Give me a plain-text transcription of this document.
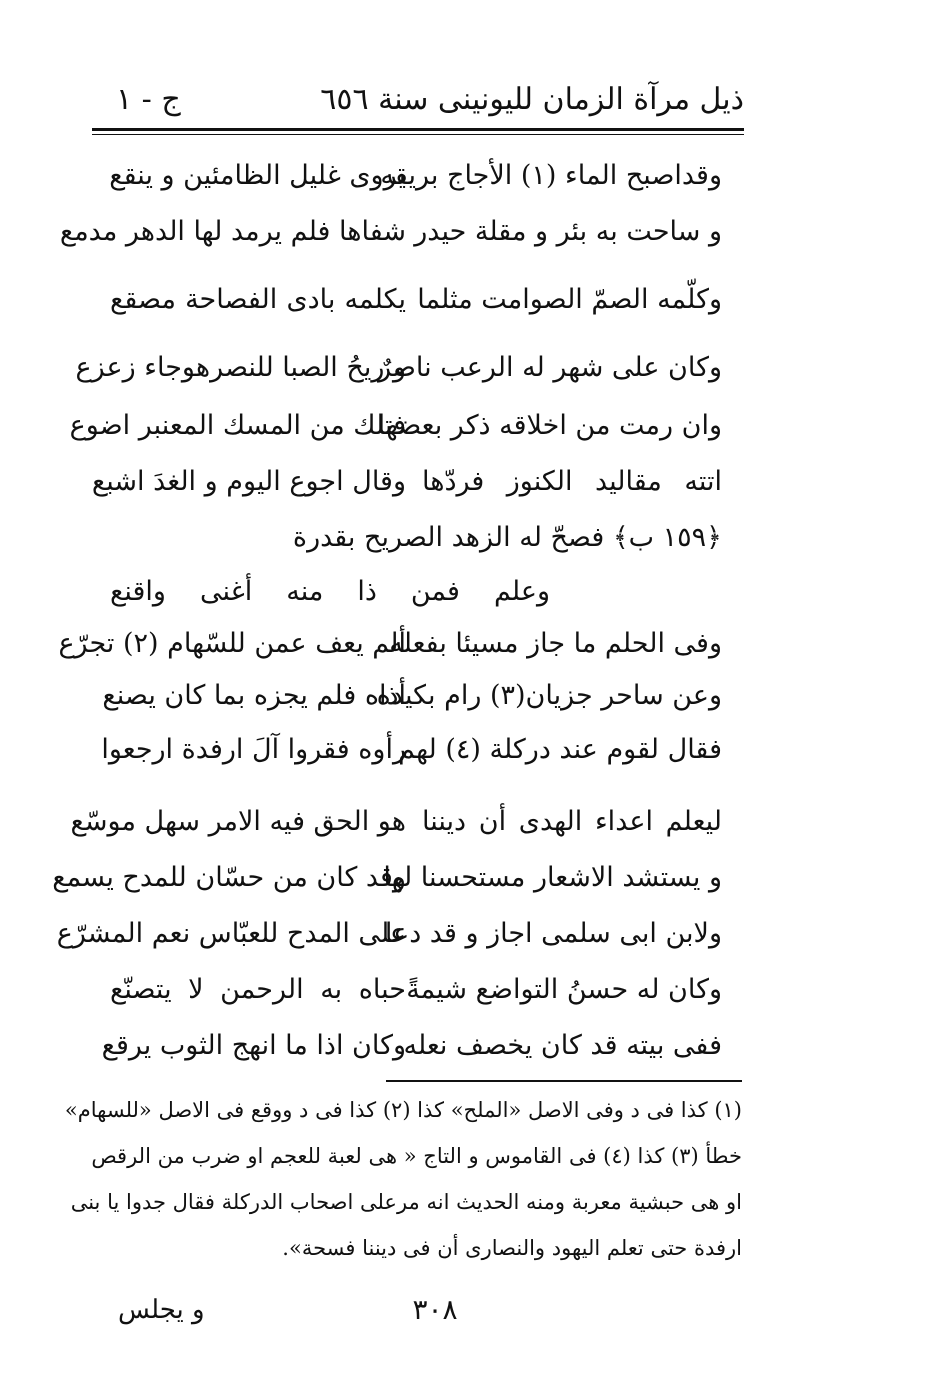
ذيل مرآة الزمان لليونينى سنة ٦٥٦
ج - ١
وقداصبح الماء (١) الأجاج بريقه
يروى غليل الظامئين و ينقع
و ساحت به بئر و مقلة حيدر
شفاها فلم يرمد لها الدهر مدمع
وكلّمه الصمّ الصوامت مثلما
يكلمه بادى الفصاحة مصقع
وكان على شهر له الرعب ناصرٌ
و ريحُ الصبا للنصرهوجاء زعزع
وان رمت من اخلاقه ذكر بعضها
فتلك من المسك المعنبر اضوع
اتته مقاليد الكنوز فردّها
وقال اجوع اليوم و الغدَ اشبع
﴿١٥٩ ب﴾ فصحّ له الزهد الصريح بقدرة
وعلم فمن ذا منه أغنى واقنع
وفى الحلم ما جاز مسيئا بفعله
ألم يعف عمن للسّهام (٢) تجرّع
وعن ساحر جزيان(٣) رام بكيده
أذاه فلم يجزه بما كان يصنع
فقال لقوم عند دركلة (٤) لهم
رأوه فقروا آلَ ارفدة ارجعوا
ليعلم اعداء الهدى أن ديننا
هو الحق فيه الامر سهل موسّع
و يستشد الاشعار مستحسنا لها
وقد كان من حسّان للمدح يسمع
ولابن ابى سلمى اجاز و قد دعا
على المدح للعبّاس نعم المشرّع
وكان له حسنُ التواضع شيمةً
حباه به الرحمن لا يتصنّع
ففى بيته قد كان يخصف نعله
وكان اذا ما انهج الثوب يرقع
(١) كذا فى د وفى الاصل «الملح» كذا (٢) كذا فى د ووقع فى الاصل «للسهام»
خطأ (٣) كذا (٤) فى القاموس و التاج « هى لعبة للعجم او ضرب من الرقص
او هى حبشية معربة ومنه الحديث انه مرعلى اصحاب الدركلة فقال جدوا يا بنى
ارفدة حتى تعلم اليهود والنصارى أن فى ديننا فسحة».
٣٠٨
و يجلس
